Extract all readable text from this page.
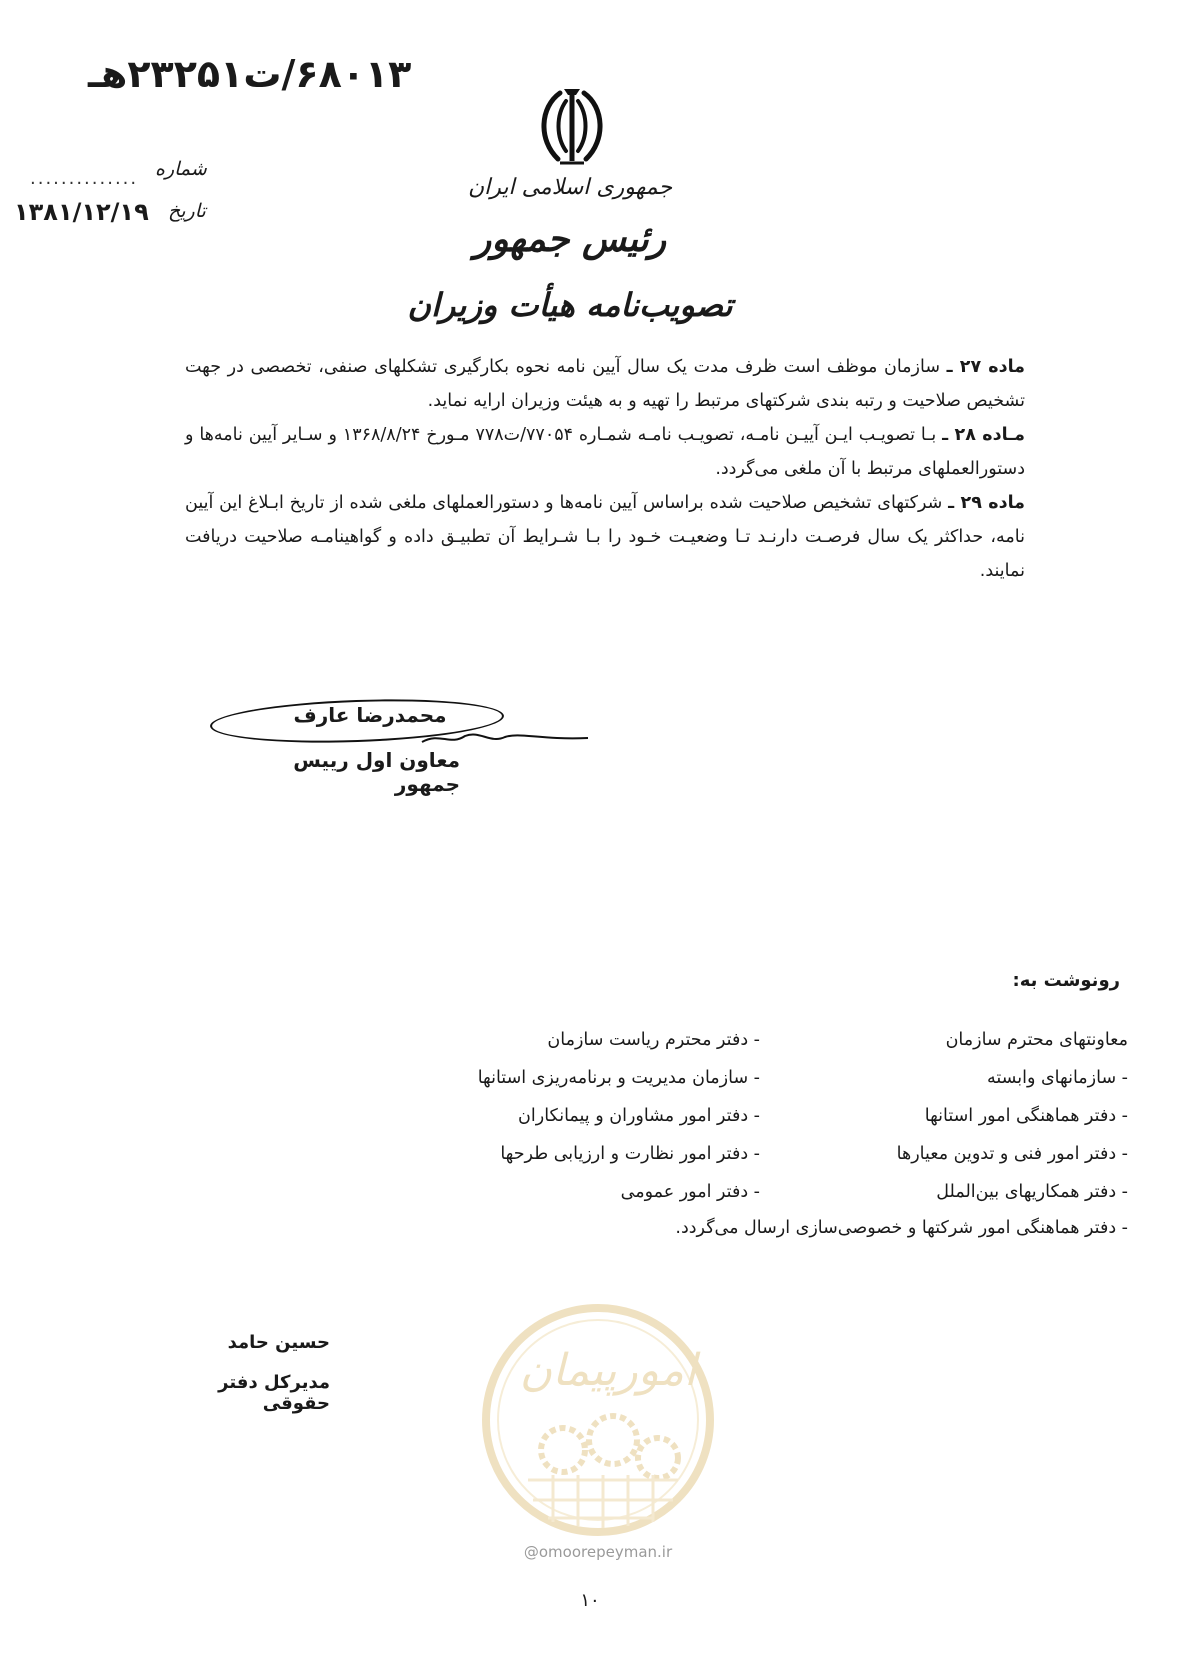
۶۸۰۱۳/ت۲۳۲۵۱هـ
شماره
..............
تاریخ
۱۳۸۱/۱۲/۱۹
جمهوری اسلامی ایران
رئیس جمهور
تصویب‌نامه هیأت وزیران

ماده ۲۷ ـ سازمان موظف است ظرف مدت یک سال آیین نامه نحوه بکارگیری تشکلهای صنفی، تخصصی در جهت تشخیص صلاحیت و رتبه بندی شرکتهای مرتبط را تهیه و به هیئت وزیران ارایه نماید.

مـاده ۲۸ ـ بـا تصویـب ایـن آییـن نامـه، تصویـب نامـه شمـاره ۷۷۰۵۴/ت۷۷۸ مـورخ ۱۳۶۸/۸/۲۴ و سـایر آیین نامه‌ها و دستورالعملهای مرتبط با آن ملغی می‌گردد.

ماده ۲۹ ـ شرکتهای تشخیص صلاحیت شده براساس آیین نامه‌ها و دستورالعملهای ملغی شده از تاریخ ابـلاغ این آیین نامه، حداکثر یک سال فرصـت دارنـد تـا وضعیـت خـود را بـا شـرایط آن تطبیـق داده و گواهینامـه صلاحیت دریافت نمایند.

محمدرضا عارف
معاون اول رییس جمهور
رونوشت به:
معاونتهای محترم سازمان
- سازمانهای وابسته
- دفتر هماهنگی امور استانها
- دفتر امور فنی و تدوین معیارها
- دفتر همکاریهای بین‌الملل
- دفتر هماهنگی امور شرکتها و خصوصی‌سازی ارسال می‌گردد.
- دفتر محترم ریاست سازمان
- سازمان مدیریت و برنامه‌ریزی استانها
- دفتر امور مشاوران و پیمانکاران
- دفتر امور نظارت و ارزیابی طرحها
- دفتر امور عمومی
حسین حامد
مدیرکل دفتر حقوقی
امورپیمان
@omoorepeyman.ir
۱۰
